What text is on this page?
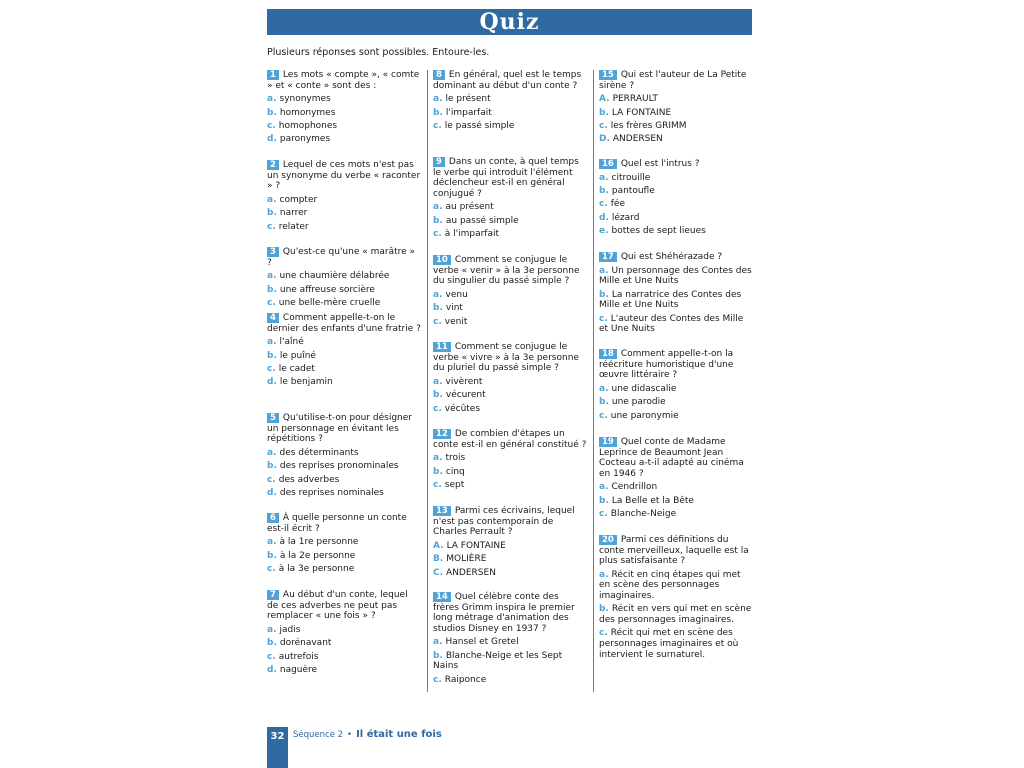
Quiz
Plusieurs réponses sont possibles. Entoure-les.
1 Les mots « compte », « comte » et « conte » sont des :
a. synonymes
b. homonymes
c. homophones
d. paronymes
2 Lequel de ces mots n'est pas un synonyme du verbe « raconter » ?
a. compter
b. narrer
c. relater
3 Qu'est-ce qu'une « marâtre » ?
a. une chaumière délabrée
b. une affreuse sorcière
c. une belle-mère cruelle
4 Comment appelle-t-on le dernier des enfants d'une fratrie ?
a. l'aîné
b. le puîné
c. le cadet
d. le benjamin
5 Qu'utilise-t-on pour désigner un personnage en évitant les répétitions ?
a. des déterminants
b. des reprises pronominales
c. des adverbes
d. des reprises nominales
6 À quelle personne un conte est-il écrit ?
a. à la 1re personne
b. à la 2e personne
c. à la 3e personne
7 Au début d'un conte, lequel de ces adverbes ne peut pas remplacer « une fois » ?
a. jadis
b. dorénavant
c. autrefois
d. naguère
8 En général, quel est le temps dominant au début d'un conte ?
a. le présent
b. l'imparfait
c. le passé simple
9 Dans un conte, à quel temps le verbe qui introduit l'élément déclencheur est-il en général conjugué ?
a. au présent
b. au passé simple
c. à l'imparfait
10 Comment se conjugue le verbe « venir » à la 3e personne du singulier du passé simple ?
a. venu
b. vint
c. venit
11 Comment se conjugue le verbe « vivre » à la 3e personne du pluriel du passé simple ?
a. vivèrent
b. vécurent
c. vécûtes
12 De combien d'étapes un conte est-il en général constitué ?
a. trois
b. cinq
c. sept
13 Parmi ces écrivains, lequel n'est pas contemporain de Charles Perrault ?
A. LA FONTAINE
B. MOLIÈRE
C. ANDERSEN
14 Quel célèbre conte des frères Grimm inspira le premier long métrage d'animation des studios Disney en 1937 ?
a. Hansel et Gretel
b. Blanche-Neige et les Sept Nains
c. Raiponce
15 Qui est l'auteur de La Petite sirène ?
A. PERRAULT
b. LA FONTAINE
c. les frères GRIMM
D. ANDERSEN
16 Quel est l'intrus ?
a. citrouille
b. pantoufle
c. fée
d. lézard
e. bottes de sept lieues
17 Qui est Shéhérazade ?
a. Un personnage des Contes des Mille et Une Nuits
b. La narratrice des Contes des Mille et Une Nuits
c. L'auteur des Contes des Mille et Une Nuits
18 Comment appelle-t-on la réécriture humoristique d'une œuvre littéraire ?
a. une didascalie
b. une parodie
c. une paronymie
19 Quel conte de Madame Leprince de Beaumont Jean Cocteau a-t-il adapté au cinéma en 1946 ?
a. Cendrillon
b. La Belle et la Bête
c. Blanche-Neige
20 Parmi ces définitions du conte merveilleux, laquelle est la plus satisfaisante ?
a. Récit en cinq étapes qui met en scène des personnages imaginaires.
b. Récit en vers qui met en scène des personnages imaginaires.
c. Récit qui met en scène des personnages imaginaires et où intervient le surnaturel.
32	Séquence 2 • Il était une fois
